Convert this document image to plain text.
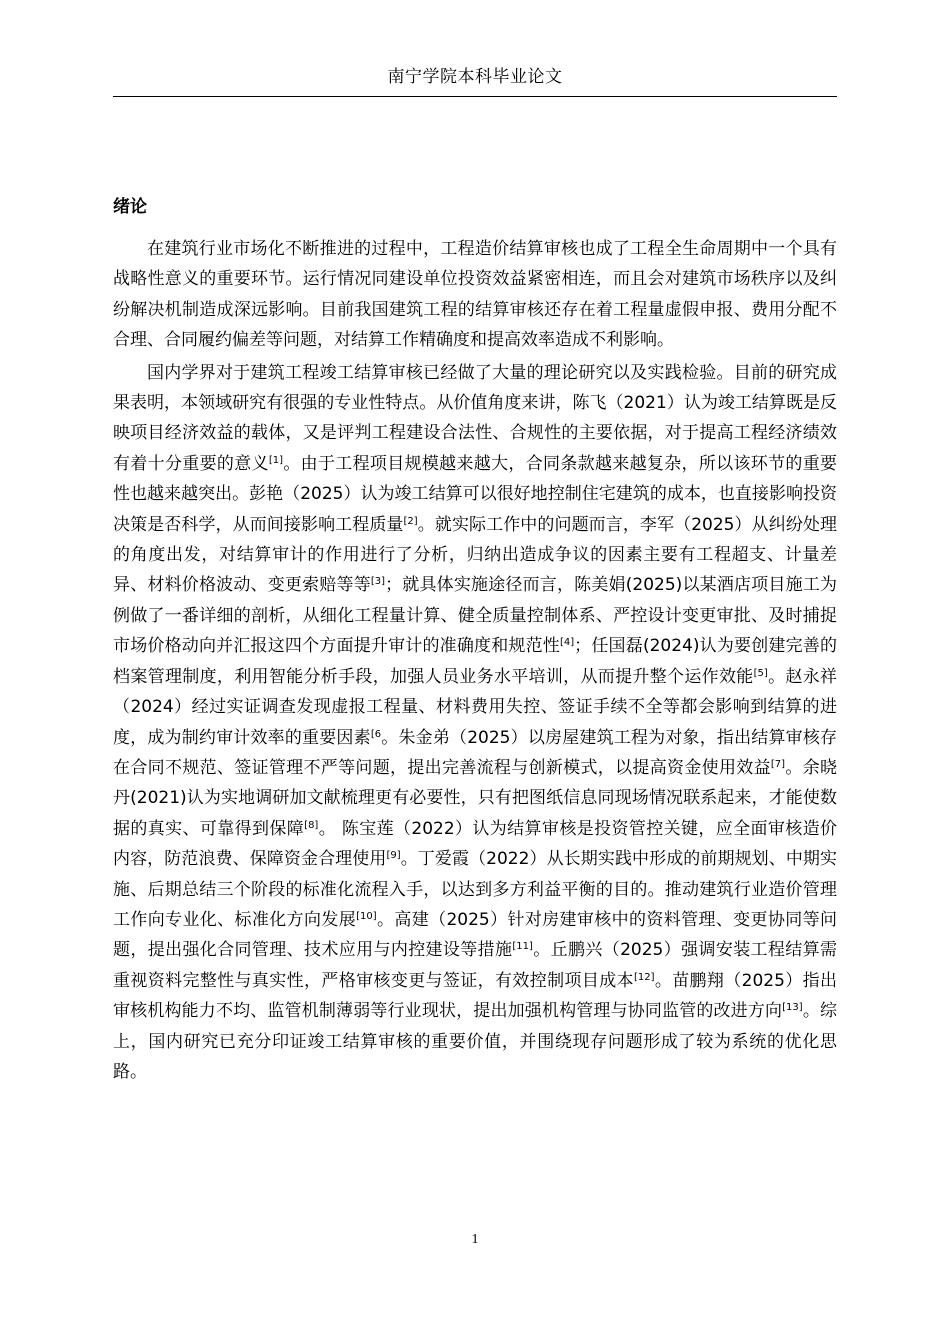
南宁学院本科毕业论文
绪论

在建筑行业市场化不断推进的过程中，工程造价结算审核也成了工程全生命周期中一个具有战略性意义的重要环节。运行情况同建设单位投资效益紧密相连，而且会对建筑市场秩序以及纠纷解决机制造成深远影响。目前我国建筑工程的结算审核还存在着工程量虚假申报、费用分配不合理、合同履约偏差等问题，对结算工作精确度和提高效率造成不利影响。

国内学界对于建筑工程竣工结算审核已经做了大量的理论研究以及实践检验。目前的研究成果表明，本领域研究有很强的专业性特点。从价值角度来讲，陈飞（2021）认为竣工结算既是反映项目经济效益的载体，又是评判工程建设合法性、合规性的主要依据，对于提高工程经济绩效有着十分重要的意义[1]。由于工程项目规模越来越大，合同条款越来越复杂，所以该环节的重要性也越来越突出。彭艳（2025）认为竣工结算可以很好地控制住宅建筑的成本，也直接影响投资决策是否科学，从而间接影响工程质量[2]。就实际工作中的问题而言，李军（2025）从纠纷处理的角度出发，对结算审计的作用进行了分析，归纳出造成争议的因素主要有工程超支、计量差异、材料价格波动、变更索赔等等[3]；就具体实施途径而言，陈美娟(2025)以某酒店项目施工为例做了一番详细的剖析，从细化工程量计算、健全质量控制体系、严控设计变更审批、及时捕捉市场价格动向并汇报这四个方面提升审计的准确度和规范性[4]；任国磊(2024)认为要创建完善的档案管理制度，利用智能分析手段，加强人员业务水平培训，从而提升整个运作效能[5]。赵永祥（2024）经过实证调查发现虚报工程量、材料费用失控、签证手续不全等都会影响到结算的进度，成为制约审计效率的重要因素$^{[6}$。朱金弟（2025）以房屋建筑工程为对象，指出结算审核存在合同不规范、签证管理不严等问题，提出完善流程与创新模式，以提高资金使用效益[7]。余晓丹(2021)认为实地调研加文献梳理更有必要性，只有把图纸信息同现场情况联系起来，才能使数据的真实、可靠得到保障[8]。 陈宝莲（2022）认为结算审核是投资管控关键，应全面审核造价内容，防范浪费、保障资金合理使用[9]。丁爱霞（2022）从长期实践中形成的前期规划、中期实施、后期总结三个阶段的标准化流程入手，以达到多方利益平衡的目的。推动建筑行业造价管理工作向专业化、标准化方向发展[10]。高建（2025）针对房建审核中的资料管理、变更协同等问题，提出强化合同管理、技术应用与内控建设等措施[11]。丘鹏兴（2025）强调安装工程结算需重视资料完整性与真实性，严格审核变更与签证，有效控制项目成本[12]。苗鹏翔（2025）指出审核机构能力不均、监管机制薄弱等行业现状，提出加强机构管理与协同监管的改进方向[13]。综上，国内研究已充分印证竣工结算审核的重要价值，并围绕现存问题形成了较为系统的优化思路。

1
